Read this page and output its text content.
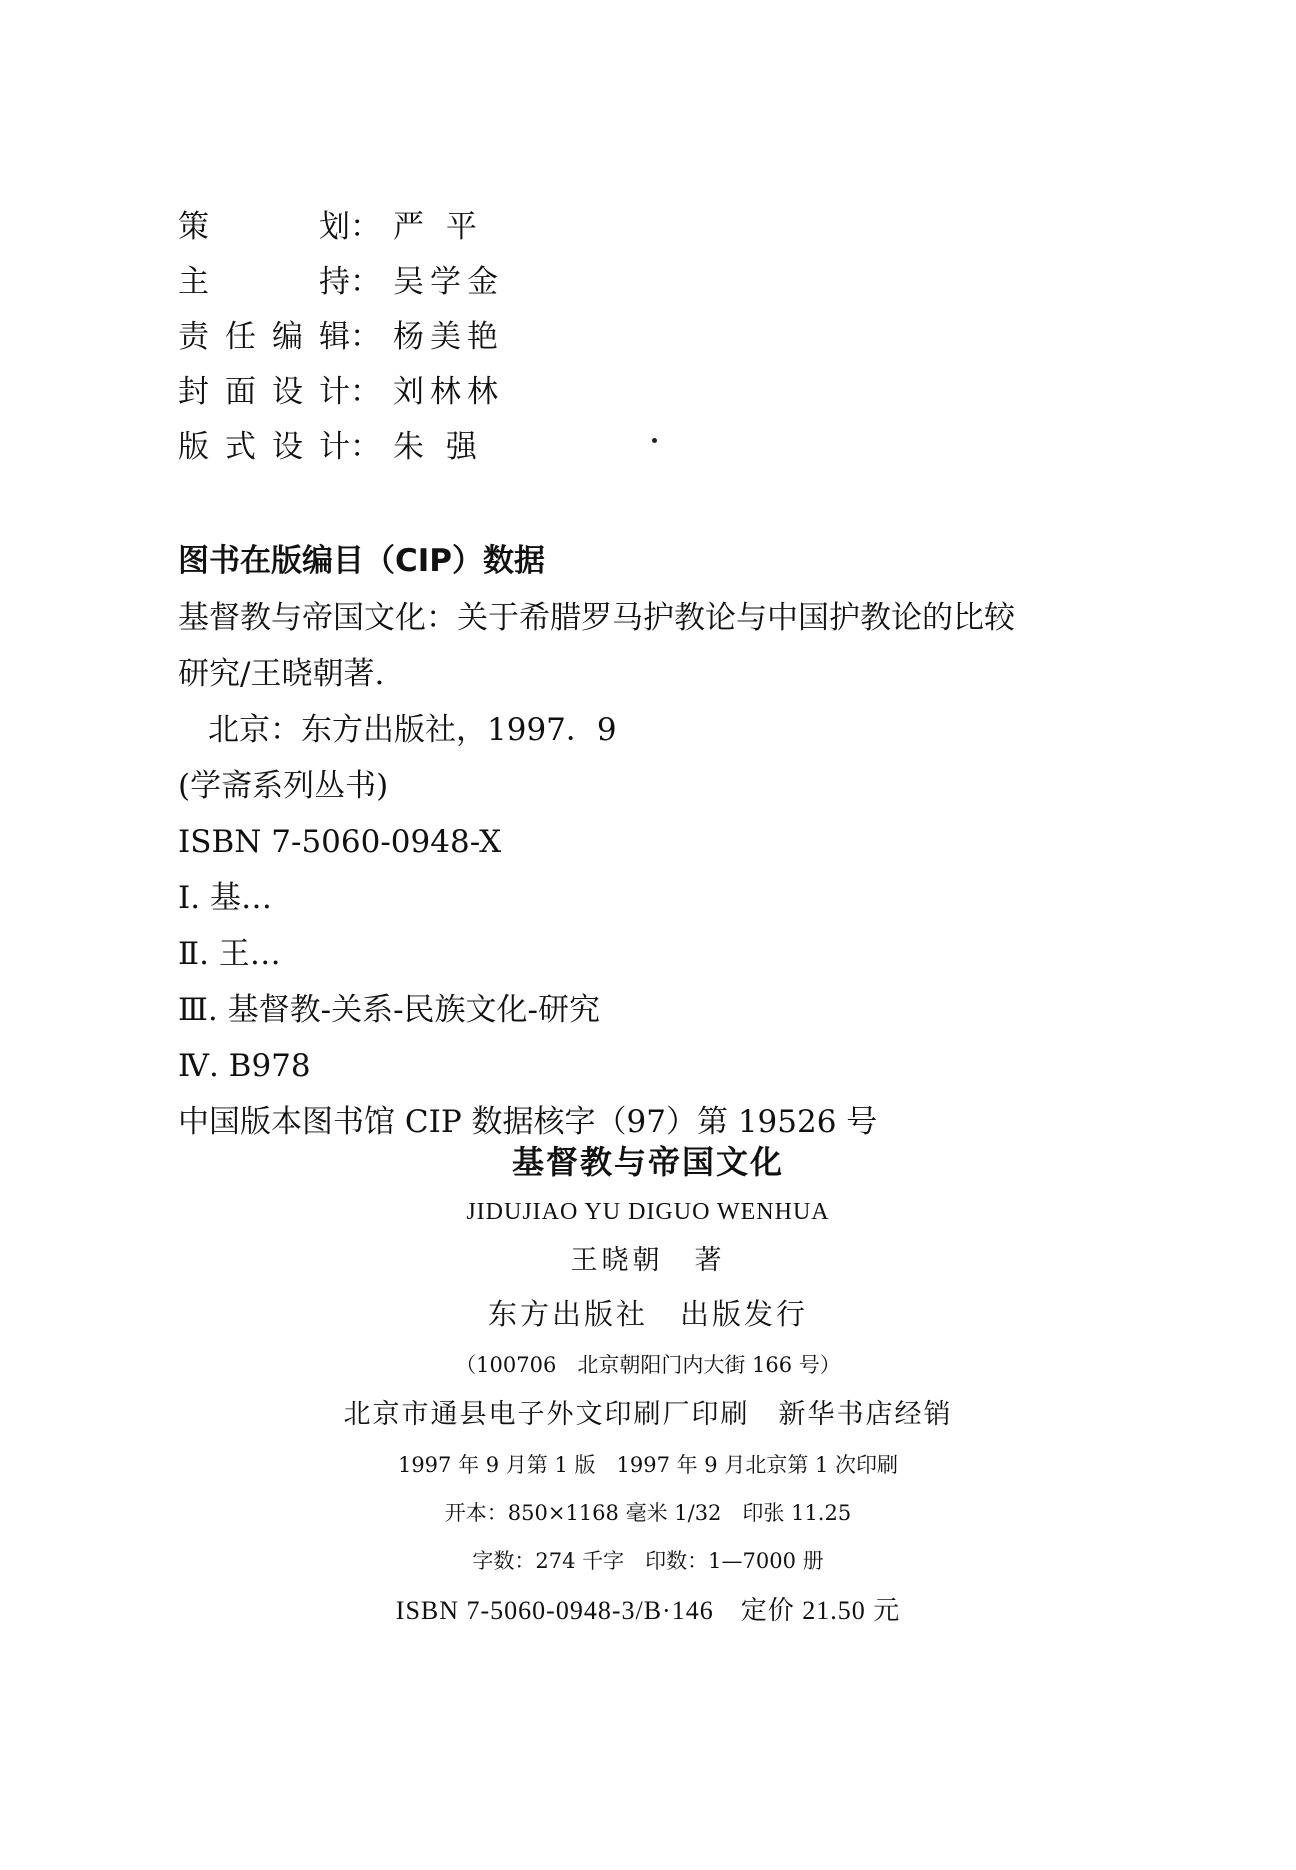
策	划 ： 严 平
主	持 ： 吴学金
责 任 编 辑 ： 杨美艳
封 面 设 计 ： 刘林林
版 式 设 计 ： 朱 强
图书在版编目（CIP）数据
基督教与帝国文化：关于希腊罗马护教论与中国护教论的比较
研究/王晓朝著.
北京：东方出版社，1997．9
(学斋系列丛书)
ISBN 7-5060-0948-X
Ⅰ. 基…
Ⅱ. 王…
Ⅲ. 基督教-关系-民族文化-研究
Ⅳ. B978
中国版本图书馆 CIP 数据核字（97）第 19526 号
基督教与帝国文化
JIDUJIAO YU DIGUO WENHUA
王晓朝　著
东方出版社　出版发行
（100706　北京朝阳门内大街 166 号）
北京市通县电子外文印刷厂印刷　新华书店经销
1997 年 9 月第 1 版　1997 年 9 月北京第 1 次印刷
开本：850×1168 毫米 1/32　印张 11.25
字数：274 千字　印数：1—7000 册
ISBN 7-5060-0948-3/B·146　定价 21.50 元
